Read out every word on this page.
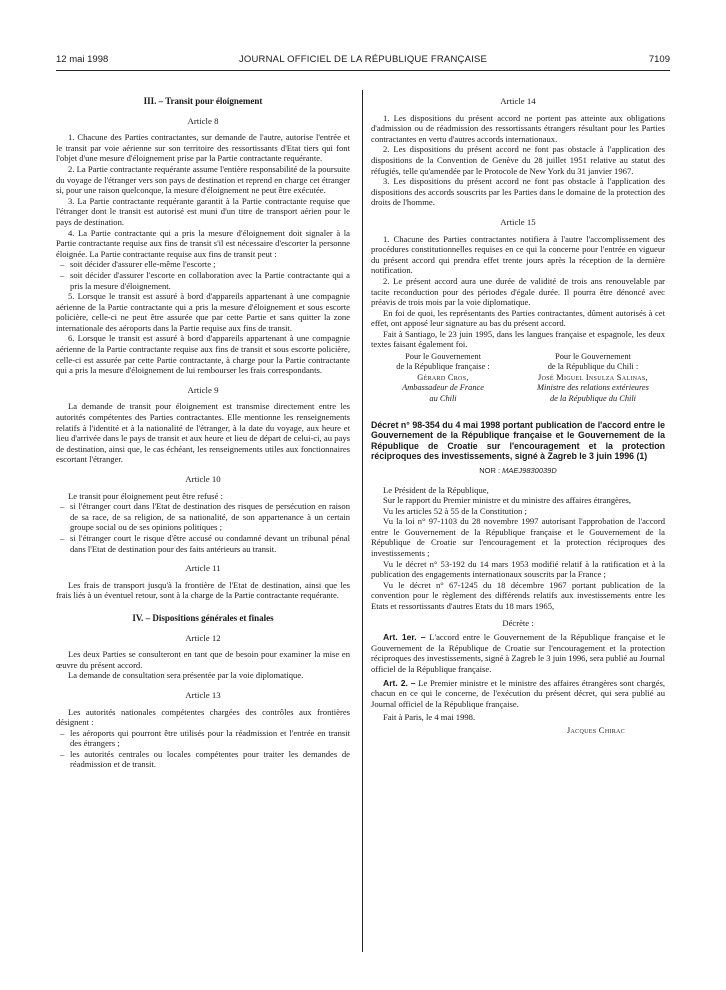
12 mai 1998	JOURNAL OFFICIEL DE LA RÉPUBLIQUE FRANÇAISE	7109
III. – Transit pour éloignement
Article 8

1. Chacune des Parties contractantes, sur demande de l'autre, autorise l'entrée et le transit par voie aérienne sur son territoire des ressortissants d'Etat tiers qui font l'objet d'une mesure d'éloignement prise par la Partie contractante requérante.

2. La Partie contractante requérante assume l'entière responsabilité de la poursuite du voyage de l'étranger vers son pays de destination et reprend en charge cet étranger si, pour une raison quelconque, la mesure d'éloignement ne peut être exécutée.

3. La Partie contractante requérante garantit à la Partie contractante requise que l'étranger dont le transit est autorisé est muni d'un titre de transport aérien pour le pays de destination.

4. La Partie contractante qui a pris la mesure d'éloignement doit signaler à la Partie contractante requise aux fins de transit s'il est nécessaire d'escorter la personne éloignée. La Partie contractante requise aux fins de transit peut :

– soit décider d'assurer elle-même l'escorte ;
– soit décider d'assurer l'escorte en collaboration avec la Partie contractante qui a pris la mesure d'éloignement.

5. Lorsque le transit est assuré à bord d'appareils appartenant à une compagnie aérienne de la Partie contractante qui a pris la mesure d'éloignement et sous escorte policière, celle-ci ne peut être assurée que par cette Partie et sans quitter la zone internationale des aéroports dans la Partie requise aux fins de transit.

6. Lorsque le transit est assuré à bord d'appareils appartenant à une compagnie aérienne de la Partie contractante requise aux fins de transit et sous escorte policière, celle-ci est assurée par cette Partie contractante, à charge pour la Partie contractante qui a pris la mesure d'éloignement de lui rembourser les frais correspondants.

Article 9

La demande de transit pour éloignement est transmise directement entre les autorités compétentes des Parties contractantes. Elle mentionne les renseignements relatifs à l'identité et à la nationalité de l'étranger, à la date du voyage, aux heure et lieu d'arrivée dans le pays de transit et aux heure et lieu de départ de celui-ci, au pays de destination, ainsi que, le cas échéant, les renseignements utiles aux fonctionnaires escortant l'étranger.

Article 10

Le transit pour éloignement peut être refusé :

– si l'étranger court dans l'Etat de destination des risques de persécution en raison de sa race, de sa religion, de sa nationalité, de son appartenance à un certain groupe social ou de ses opinions politiques ;
– si l'étranger court le risque d'être accusé ou condamné devant un tribunal pénal dans l'Etat de destination pour des faits antérieurs au transit.
Article 11

Les frais de transport jusqu'à la frontière de l'Etat de destination, ainsi que les frais liés à un éventuel retour, sont à la charge de la Partie contractante requérante.

IV. – Dispositions générales et finales
Article 12

Les deux Parties se consulteront en tant que de besoin pour examiner la mise en œuvre du présent accord.

La demande de consultation sera présentée par la voie diplomatique.

Article 13

Les autorités nationales compétentes chargées des contrôles aux frontières désignent :

– les aéroports qui pourront être utilisés pour la réadmission et l'entrée en transit des étrangers ;
– les autorités centrales ou locales compétentes pour traiter les demandes de réadmission et de transit.
Article 14

1. Les dispositions du présent accord ne portent pas atteinte aux obligations d'admission ou de réadmission des ressortissants étrangers résultant pour les Parties contractantes en vertu d'autres accords internationaux.

2. Les dispositions du présent accord ne font pas obstacle à l'application des dispositions de la Convention de Genève du 28 juillet 1951 relative au statut des réfugiés, telle qu'amendée par le Protocole de New York du 31 janvier 1967.

3. Les dispositions du présent accord ne font pas obstacle à l'application des dispositions des accords souscrits par les Parties dans le domaine de la protection des droits de l'homme.

Article 15

1. Chacune des Parties contractantes notifiera à l'autre l'accomplissement des procédures constitutionnelles requises en ce qui la concerne pour l'entrée en vigueur du présent accord qui prendra effet trente jours après la réception de la dernière notification.

2. Le présent accord aura une durée de validité de trois ans renouvelable par tacite reconduction pour des périodes d'égale durée. Il pourra être dénoncé avec préavis de trois mois par la voie diplomatique.

En foi de quoi, les représentants des Parties contractantes, dûment autorisés à cet effet, ont apposé leur signature au bas du présent accord.

Fait à Santiago, le 23 juin 1995, dans les langues française et espagnole, les deux textes faisant également foi.

Pour le Gouvernement
de la République française :
Gérard Cros,
Ambassadeur de France
au Chili
Pour le Gouvernement
de la République du Chili :
José Miguel Insulza Salinas,
Ministre des relations extérieures
de la République du Chili
Décret n° 98-354 du 4 mai 1998 portant publication de l'accord entre le Gouvernement de la République française et le Gouvernement de la République de Croatie sur l'encouragement et la protection réciproques des investissements, signé à Zagreb le 3 juin 1996 (1)
NOR : MAEJ9830039D

Le Président de la République,

Sur le rapport du Premier ministre et du ministre des affaires étrangères,

Vu les articles 52 à 55 de la Constitution ;

Vu la loi n° 97-1103 du 28 novembre 1997 autorisant l'approbation de l'accord entre le Gouvernement de la République française et le Gouvernement de la République de Croatie sur l'encouragement et la protection réciproques des investissements ;

Vu le décret n° 53-192 du 14 mars 1953 modifié relatif à la ratification et à la publication des engagements internationaux souscrits par la France ;

Vu le décret n° 67-1245 du 18 décembre 1967 portant publication de la convention pour le règlement des différends relatifs aux investissements entre les Etats et ressortissants d'autres Etats du 18 mars 1965,

Décrète :

Art. 1er. – L'accord entre le Gouvernement de la République française et le Gouvernement de la République de Croatie sur l'encouragement et la protection réciproques des investissements, signé à Zagreb le 3 juin 1996, sera publié au Journal officiel de la République française.

Art. 2. – Le Premier ministre et le ministre des affaires étrangères sont chargés, chacun en ce qui le concerne, de l'exécution du présent décret, qui sera publié au Journal officiel de la République française.

Fait à Paris, le 4 mai 1998.

Jacques Chirac
